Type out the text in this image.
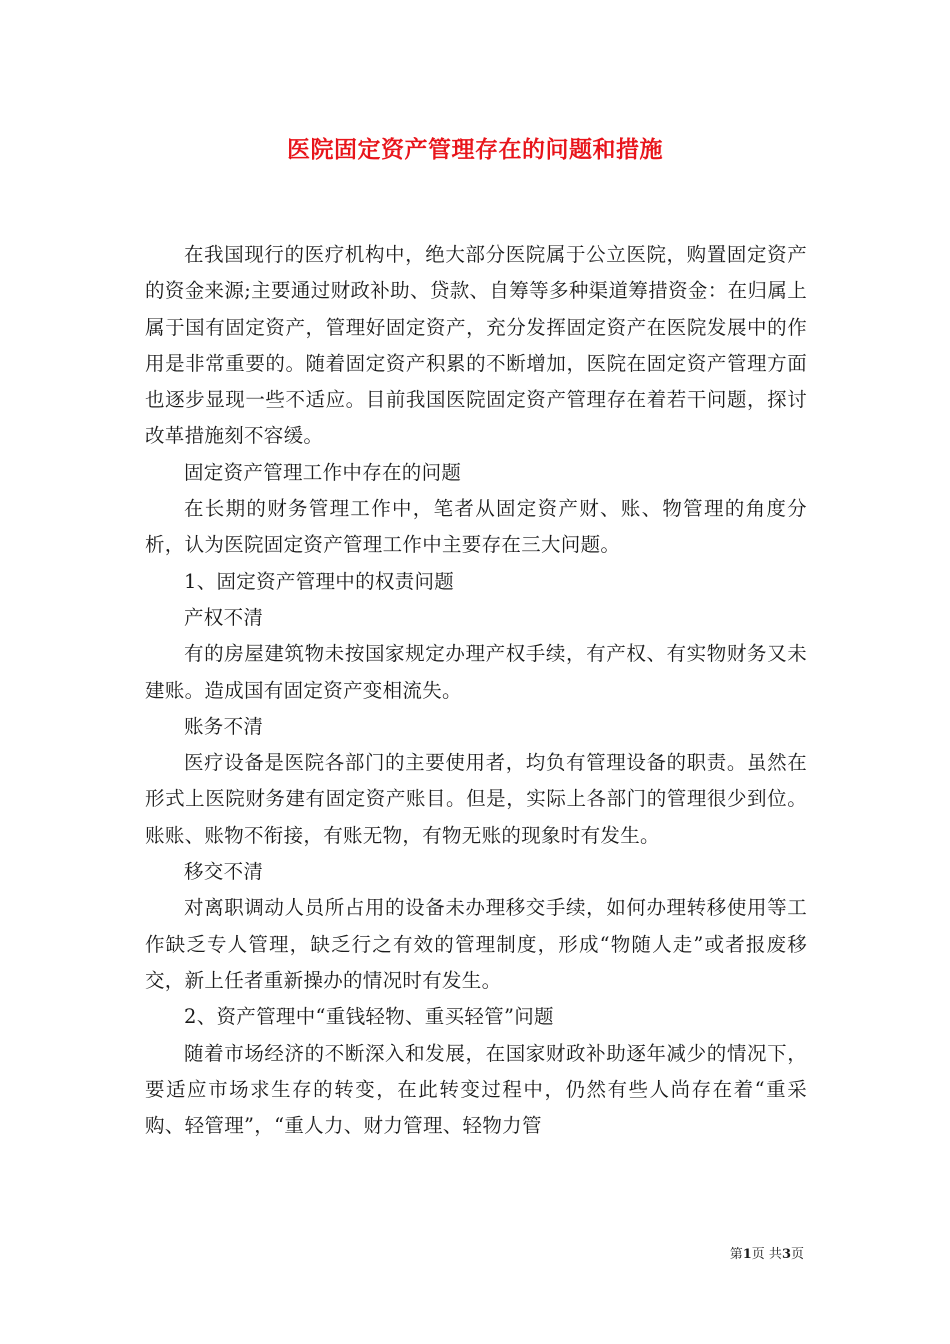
医院固定资产管理存在的问题和措施

在我国现行的医疗机构中，绝大部分医院属于公立医院，购置固定资产的资金来源;主要通过财政补助、贷款、自筹等多种渠道筹措资金：在归属上属于国有固定资产，管理好固定资产，充分发挥固定资产在医院发展中的作用是非常重要的。随着固定资产积累的不断增加，医院在固定资产管理方面也逐步显现一些不适应。目前我国医院固定资产管理存在着若干问题，探讨改革措施刻不容缓。

固定资产管理工作中存在的问题

在长期的财务管理工作中，笔者从固定资产财、账、物管理的角度分析，认为医院固定资产管理工作中主要存在三大问题。

1、固定资产管理中的权责问题

产权不清

有的房屋建筑物未按国家规定办理产权手续，有产权、有实物财务又未建账。造成国有固定资产变相流失。

账务不清

医疗设备是医院各部门的主要使用者，均负有管理设备的职责。虽然在形式上医院财务建有固定资产账目。但是，实际上各部门的管理很少到位。账账、账物不衔接，有账无物，有物无账的现象时有发生。

移交不清

对离职调动人员所占用的设备未办理移交手续，如何办理转移使用等工作缺乏专人管理，缺乏行之有效的管理制度，形成“物随人走”或者报废移交，新上任者重新操办的情况时有发生。

2、资产管理中“重钱轻物、重买轻管”问题

随着市场经济的不断深入和发展，在国家财政补助逐年减少的情况下，要适应市场求生存的转变，在此转变过程中，仍然有些人尚存在着“重采购、轻管理”，“重人力、财力管理、轻物力管

第1页 共3页
